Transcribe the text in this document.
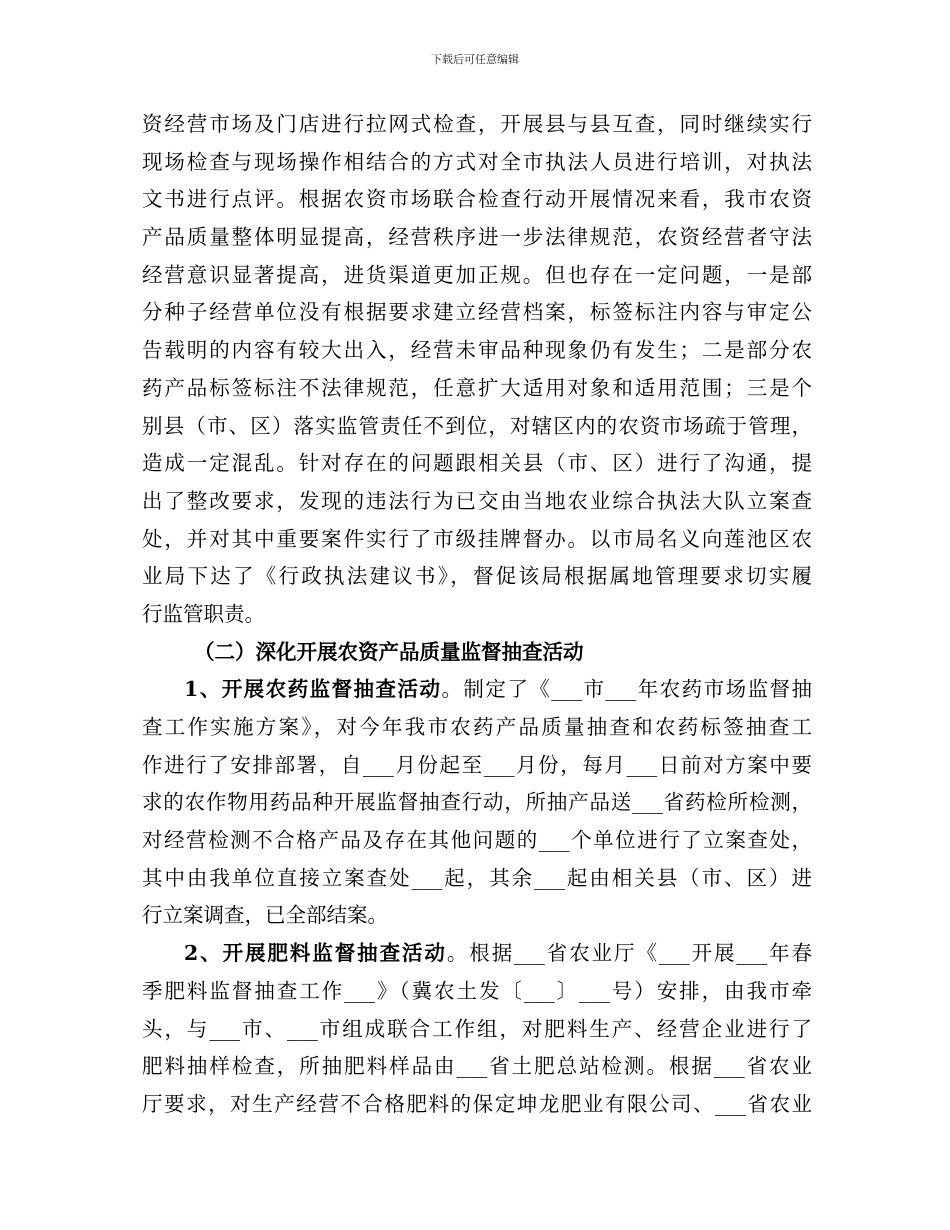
下载后可任意编辑
资经营市场及门店进行拉网式检查，开展县与县互查，同时继续实行
现场检查与现场操作相结合的方式对全市执法人员进行培训，对执法
文书进行点评。根据农资市场联合检查行动开展情况来看，我市农资
产品质量整体明显提高，经营秩序进一步法律规范，农资经营者守法
经营意识显著提高，进货渠道更加正规。但也存在一定问题，一是部
分种子经营单位没有根据要求建立经营档案，标签标注内容与审定公
告载明的内容有较大出入，经营未审品种现象仍有发生；二是部分农
药产品标签标注不法律规范，任意扩大适用对象和适用范围；三是个
别县（市、区）落实监管责任不到位，对辖区内的农资市场疏于管理，
造成一定混乱。针对存在的问题跟相关县（市、区）进行了沟通，提
出了整改要求，发现的违法行为已交由当地农业综合执法大队立案查
处，并对其中重要案件实行了市级挂牌督办。以市局名义向莲池区农
业局下达了《行政执法建议书》，督促该局根据属地管理要求切实履
行监管职责。
（二）深化开展农资产品质量监督抽查活动
1、开展农药监督抽查活动。制定了《___市___年农药市场监督抽
查工作实施方案》，对今年我市农药产品质量抽查和农药标签抽查工
作进行了安排部署，自___月份起至___月份，每月___日前对方案中要
求的农作物用药品种开展监督抽查行动，所抽产品送___省药检所检测，
对经营检测不合格产品及存在其他问题的___个单位进行了立案查处，
其中由我单位直接立案查处___起，其余___起由相关县（市、区）进
行立案调查，已全部结案。
2、开展肥料监督抽查活动。根据___省农业厅《___开展___年春
季肥料监督抽查工作___》（冀农土发〔___〕___号）安排，由我市牵
头，与___市、___市组成联合工作组，对肥料生产、经营企业进行了
肥料抽样检查，所抽肥料样品由___省土肥总站检测。根据___省农业
厅要求，对生产经营不合格肥料的保定坤龙肥业有限公司、___省农业
